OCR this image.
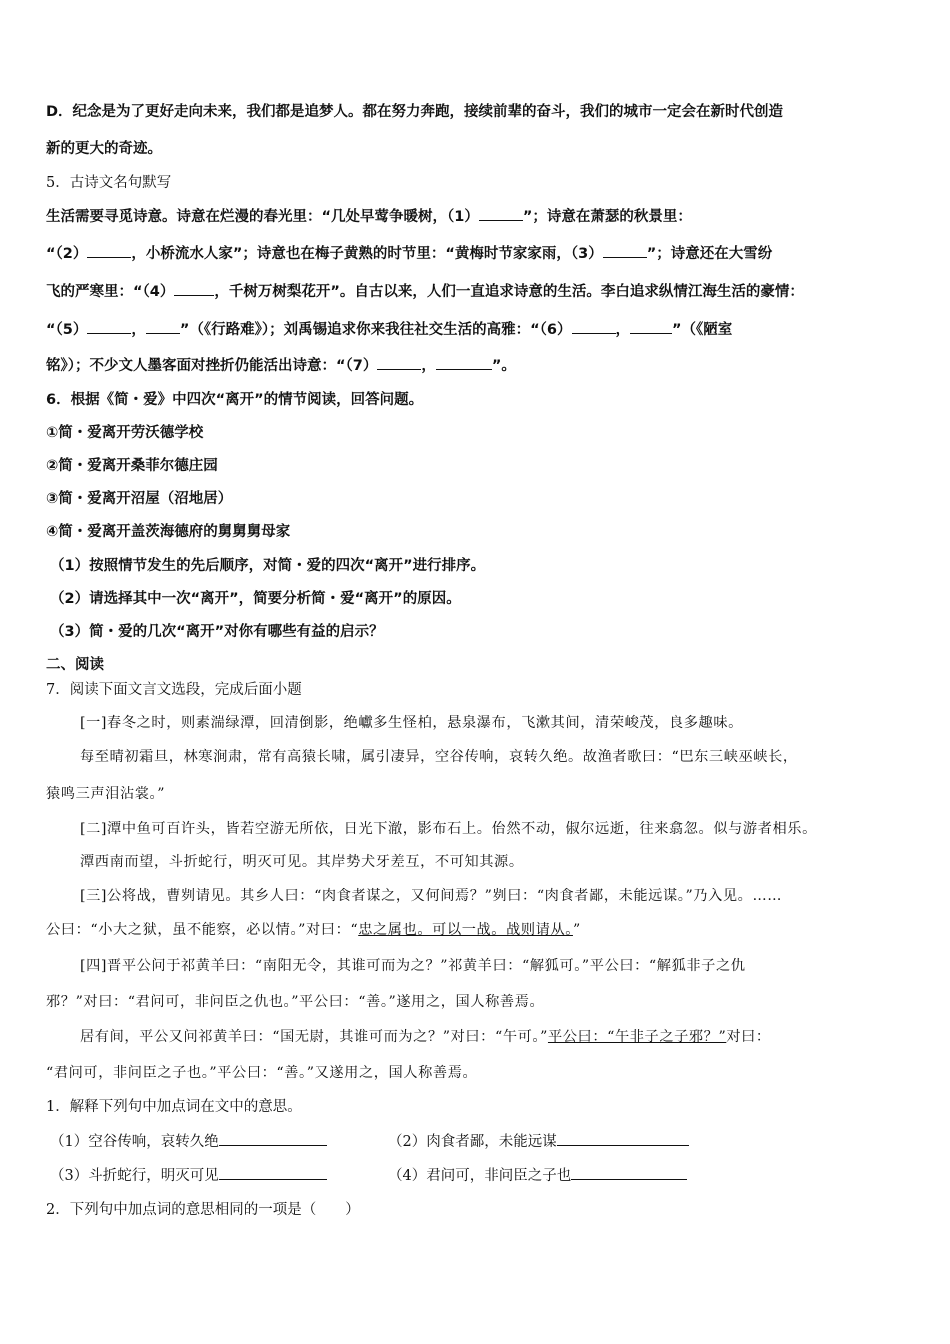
D．纪念是为了更好走向未来，我们都是追梦人。都在努力奔跑，接续前辈的奋斗，我们的城市一定会在新时代创造
新的更大的奇迹。
5．古诗文名句默写
生活需要寻觅诗意。诗意在烂漫的春光里：“几处早莺争暖树，（1）	”；诗意在萧瑟的秋景里：
“（2）	，小桥流水人家”；诗意也在梅子黄熟的时节里：“黄梅时节家家雨，（3）	”；诗意还在大雪纷
飞的严寒里：“（4）	，千树万树梨花开”。自古以来，人们一直追求诗意的生活。李白追求纵情江海生活的豪情：
“（5）	， ”（《行路难》）；刘禹锡追求你来我往社交生活的高雅：“（6）	，	”（《陋室
铭》）；不少文人墨客面对挫折仍能活出诗意：“（7）	，	”。
6．根据《简・爱》中四次“离开”的情节阅读，回答问题。
①简・爱离开劳沃德学校
②简・爱离开桑菲尔德庄园
③简・爱离开沼屋（沼地居）
④简・爱离开盖茨海德府的舅舅舅母家
（1）按照情节发生的先后顺序，对简・爱的四次“离开”进行排序。
（2）请选择其中一次“离开”，简要分析简・爱“离开”的原因。
（3）简・爱的几次“离开”对你有哪些有益的启示？
二、阅读
7．阅读下面文言文选段，完成后面小题
[一]春冬之时，则素湍绿潭，回清倒影，绝巘多生怪柏，悬泉瀑布，飞漱其间，清荣峻茂，良多趣味。
每至晴初霜旦，林寒涧肃，常有高猿长啸，属引凄异，空谷传响，哀转久绝。故渔者歌曰：“巴东三峡巫峡长，
猿鸣三声泪沾裳。”
[二]潭中鱼可百许头，皆若空游无所依，日光下澈，影布石上。佁然不动，俶尔远逝，往来翕忽。似与游者相乐。
潭西南而望，斗折蛇行，明灭可见。其岸势犬牙差互，不可知其源。
[三]公将战，曹刿请见。其乡人曰：“肉食者谋之，又何间焉？”刿曰：“肉食者鄙，未能远谋。”乃入见。……
公曰：“小大之狱，虽不能察，必以情。”对曰：“忠之属也。可以一战。战则请从。”
[四]晋平公问于祁黄羊曰：“南阳无令，其谁可而为之？”祁黄羊曰：“解狐可。”平公曰：“解狐非子之仇
邪？”对曰：“君问可，非问臣之仇也。”平公曰：“善。”遂用之，国人称善焉。
居有间，平公又问祁黄羊曰：“国无尉，其谁可而为之？”对曰：“午可。”平公曰：“午非子之子邪？”对曰：
“君问可，非问臣之子也。”平公曰：“善。”又遂用之，国人称善焉。
1．解释下列句中加点词在文中的意思。
（1）空谷传响，哀转久绝	（2）肉食者鄙，未能远谋
（3）斗折蛇行，明灭可见	（4）君问可，非问臣之子也
2．下列句中加点词的意思相同的一项是（　　）
